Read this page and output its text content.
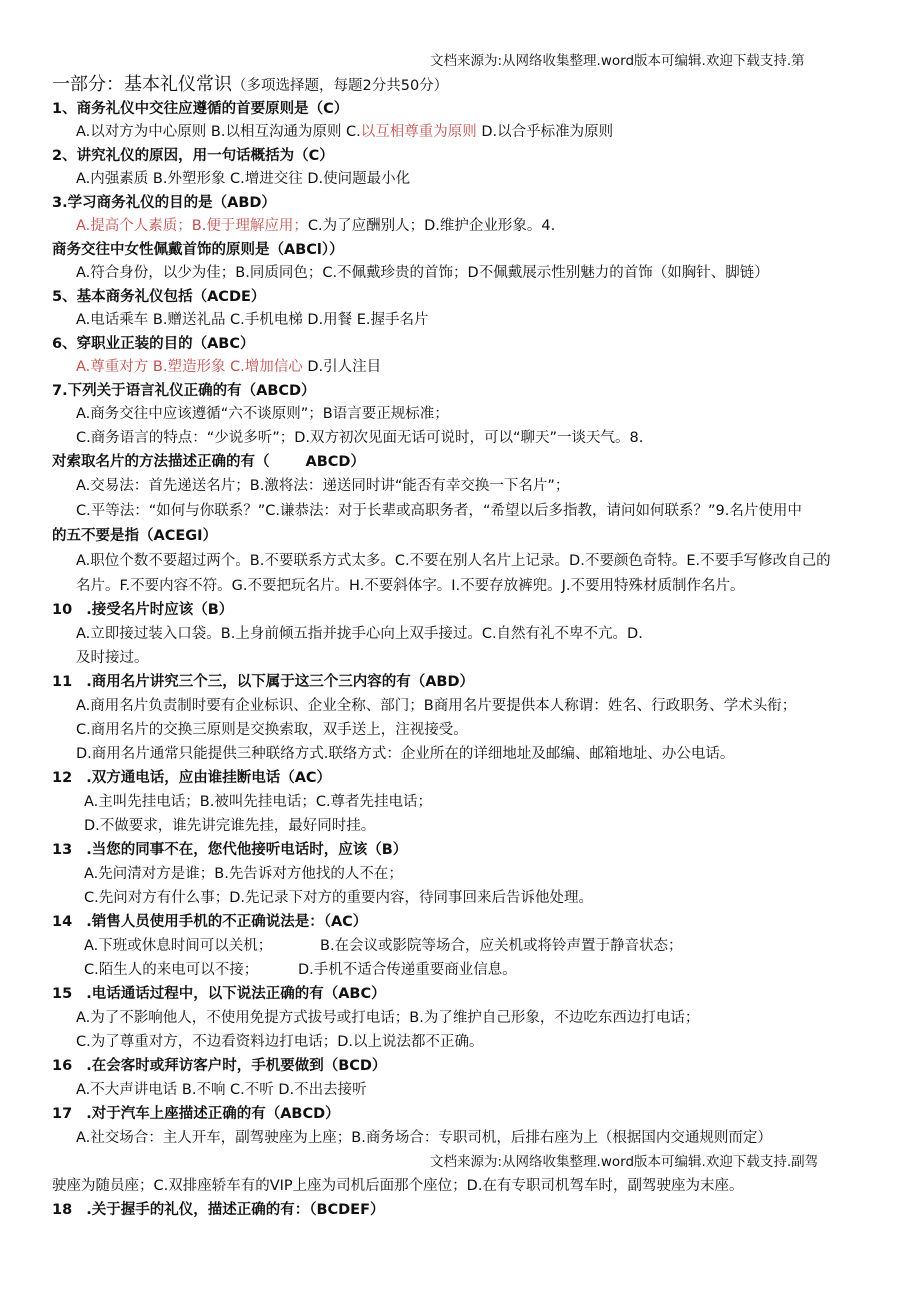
文档来源为:从网络收集整理.word版本可编辑.欢迎下载支持.第
一部分：基本礼仪常识（多项选择题，每题2分共50分）
1、商务礼仪中交往应遵循的首要原则是（C）
A.以对方为中心原则 B.以相互沟通为原则 C.以互相尊重为原则 D.以合乎标准为原则
2、讲究礼仪的原因，用一句话概括为（C）
A.内强素质 B.外塑形象 C.增进交往 D.使问题最小化
3.学习商务礼仪的目的是（ABD）
A.提高个人素质；B.便于理解应用；C.为了应酬别人；D.维护企业形象。4.
商务交往中女性佩戴首饰的原则是（ABCl））
A.符合身份，以少为佳；B.同质同色；C.不佩戴珍贵的首饰；D不佩戴展示性别魅力的首饰（如胸针、脚链）
5、基本商务礼仪包括（ACDE）
A.电话乘车 B.赠送礼品 C.手机电梯 D.用餐 E.握手名片
6、穿职业正装的目的（ABC）
A.尊重对方 B.塑造形象 C.增加信心 D.引人注目
7.下列关于语言礼仪正确的有（ABCD）
A.商务交往中应该遵循“六不谈原则”；B语言要正规标准；
C.商务语言的特点：“少说多听”；D.双方初次见面无话可说时，可以“聊天”一谈天气。8.
对索取名片的方法描述正确的有（ ABCD）
A.交易法：首先递送名片；B.激将法：递送同时讲“能否有幸交换一下名片”；
C.平等法：“如何与你联系？”C.谦恭法：对于长辈或高职务者，“希望以后多指教，请问如何联系？”9.名片使用中
的五不要是指（ACEGI）
A.职位个数不要超过两个。B.不要联系方式太多。C.不要在别人名片上记录。D.不要颜色奇特。E.不要手写修改自己的
名片。F.不要内容不符。G.不要把玩名片。H.不要斜体字。I.不要存放裤兜。J.不要用特殊材质制作名片。
10 .接受名片时应该（B）
A.立即接过装入口袋。B.上身前倾五指并拢手心向上双手接过。C.自然有礼不卑不亢。D.
及时接过。
11 .商用名片讲究三个三，以下属于这三个三内容的有（ABD）
A.商用名片负责制时要有企业标识、企业全称、部门；B商用名片要提供本人称谓：姓名、行政职务、学术头衔；
C.商用名片的交换三原则是交换索取，双手送上，注视接受。
D.商用名片通常只能提供三种联络方式.联络方式：企业所在的详细地址及邮编、邮箱地址、办公电话。
12 .双方通电话，应由谁挂断电话（AC）
A.主叫先挂电话；B.被叫先挂电话；C.尊者先挂电话；
D.不做要求，谁先讲完谁先挂，最好同时挂。
13 .当您的同事不在，您代他接听电话时，应该（B）
A.先问清对方是谁；B.先告诉对方他找的人不在；
C.先问对方有什么事；D.先记录下对方的重要内容，待同事回来后告诉他处理。
14 .销售人员使用手机的不正确说法是：（AC）
A.下班或休息时间可以关机；	B.在会议或影院等场合，应关机或将铃声置于静音状态；
C.陌生人的来电可以不接；	D.手机不适合传递重要商业信息。
15 .电话通话过程中，以下说法正确的有（ABC）
A.为了不影响他人，不使用免提方式拔号或打电话；B.为了维护自己形象，不边吃东西边打电话；
C.为了尊重对方，不边看资料边打电话；D.以上说法都不正确。
16 .在会客时或拜访客户时，手机要做到（BCD）
A.不大声讲电话 B.不响 C.不听 D.不出去接听
17 .对于汽车上座描述正确的有（ABCD）
A.社交场合：主人开车，副驾驶座为上座；B.商务场合：专职司机，后排右座为上（根据国内交通规则而定）
文档来源为:从网络收集整理.word版本可编辑.欢迎下载支持.副驾
驶座为随员座；C.双排座轿车有的VIP上座为司机后面那个座位；D.在有专职司机驾车时，副驾驶座为末座。
18 .关于握手的礼仪，描述正确的有：（BCDEF）
